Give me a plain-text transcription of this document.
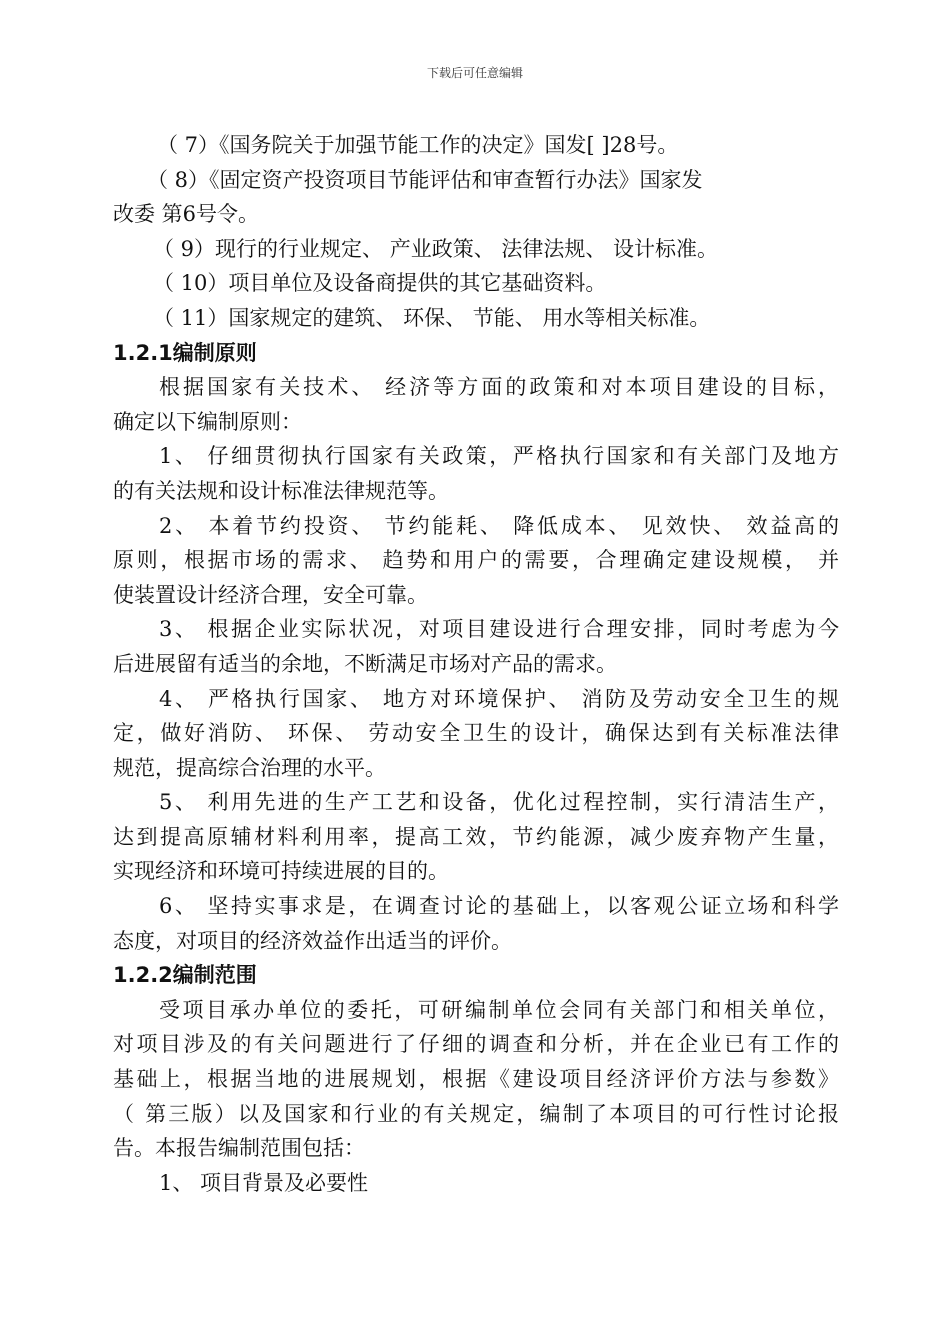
下载后可任意编辑
（ 7）《国务院关于加强节能工作的决定》国发[ ]28号。
（ 8）《固定资产投资项目节能评估和审查暂行办法》国家发
改委 第6号令。
（ 9）现行的行业规定、 产业政策、 法律法规、 设计标准。
（ 10）项目单位及设备商提供的其它基础资料。
（ 11）国家规定的建筑、 环保、 节能、 用水等相关标准。
1.2.1编制原则
根据国家有关技术、 经济等方面的政策和对本项目建设的目标，
确定以下编制原则：
1、 仔细贯彻执行国家有关政策，严格执行国家和有关部门及地方
的有关法规和设计标准法律规范等。
2、 本着节约投资、 节约能耗、 降低成本、 见效快、 效益高的
原则，根据市场的需求、 趋势和用户的需要，合理确定建设规模， 并
使装置设计经济合理，安全可靠。
3、 根据企业实际状况，对项目建设进行合理安排，同时考虑为今
后进展留有适当的余地，不断满足市场对产品的需求。
4、 严格执行国家、 地方对环境保护、 消防及劳动安全卫生的规
定，做好消防、 环保、 劳动安全卫生的设计，确保达到有关标准法律
规范，提高综合治理的水平。
5、 利用先进的生产工艺和设备，优化过程控制，实行清洁生产，
达到提高原辅材料利用率，提高工效，节约能源，减少废弃物产生量，
实现经济和环境可持续进展的目的。
6、 坚持实事求是，在调查讨论的基础上，以客观公证立场和科学
态度，对项目的经济效益作出适当的评价。
1.2.2编制范围
受项目承办单位的委托，可研编制单位会同有关部门和相关单位，
对项目涉及的有关问题进行了仔细的调查和分析，并在企业已有工作的
基础上，根据当地的进展规划，根据《建设项目经济评价方法与参数》
（ 第三版）以及国家和行业的有关规定，编制了本项目的可行性讨论报
告。本报告编制范围包括：
1、 项目背景及必要性
